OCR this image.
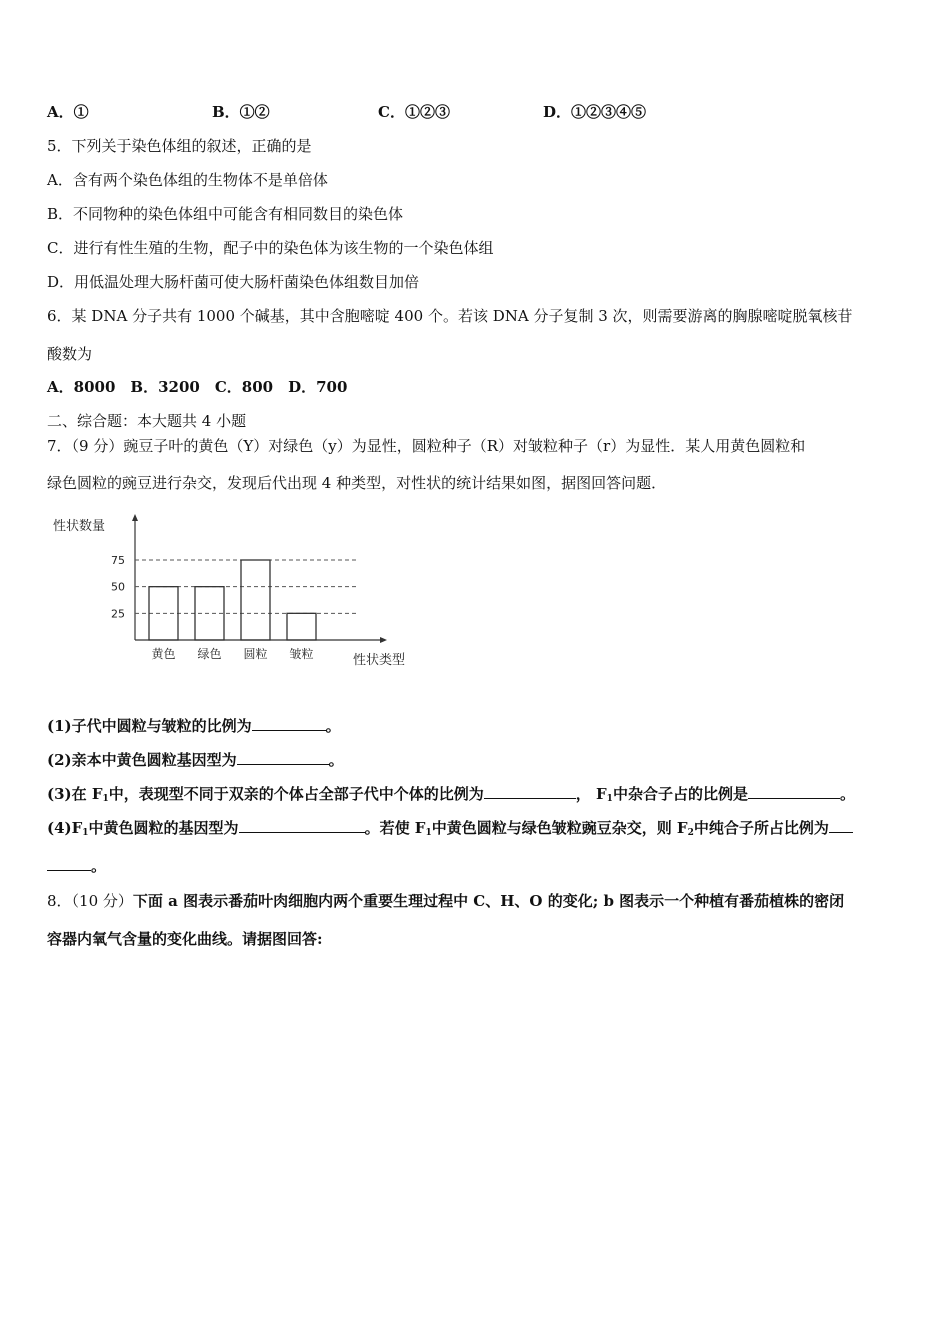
A．①	B．①②	C．①②③	D．①②③④⑤
5．下列关于染色体组的叙述，正确的是
A．含有两个染色体组的生物体不是单倍体
B．不同物种的染色体组中可能含有相同数目的染色体
C．进行有性生殖的生物，配子中的染色体为该生物的一个染色体组
D．用低温处理大肠杆菌可使大肠杆菌染色体组数目加倍
6．某 DNA 分子共有 1000 个碱基，其中含胞嘧啶 400 个。若该 DNA 分子复制 3 次，则需要游离的胸腺嘧啶脱氧核苷
酸数为
A．8000　B．3200　C．800　D．700
二、综合题：本大题共 4 小题
7．（9 分）豌豆子叶的黄色（Y）对绿色（y）为显性，圆粒种子（R）对皱粒种子（r）为显性．某人用黄色圆粒和
绿色圆粒的豌豆进行杂交，发现后代出现 4 种类型，对性状的统计结果如图，据图回答问题．
25
50
75
黄色 绿色 圆粒 皱粒
性状数量
性状类型
(1)子代中圆粒与皱粒的比例为	。
(2)亲本中黄色圆粒基因型为	。
(3)在 $F_1$中，表现型不同于双亲的个体占全部子代中个体的比例为	， $F_1$中杂合子占的比例是	。
$(4)F_1$中黄色圆粒的基因型为	。若使 $F_1$中黄色圆粒与绿色皱粒豌豆杂交，则 $F_2$中纯合子所占比例为
。
8．（10 分）下面 a 图表示番茄叶肉细胞内两个重要生理过程中 C、H、O 的变化; b 图表示一个种植有番茄植株的密闭
容器内氧气含量的变化曲线。请据图回答:
